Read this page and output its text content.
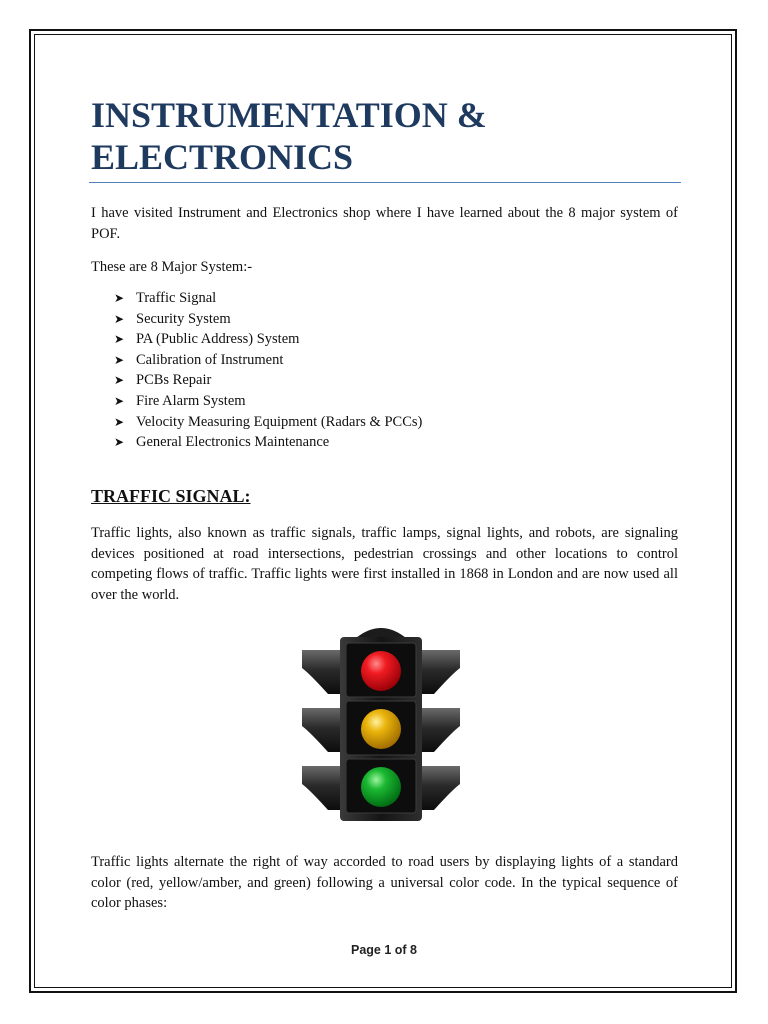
INSTRUMENTATION &
ELECTRONICS

I have visited Instrument and Electronics shop where I have learned about the 8 major system of POF.

These are 8 Major System:-

➤ Traffic Signal
➤ Security System
➤ PA (Public Address) System
➤ Calibration of Instrument
➤ PCBs Repair
➤ Fire Alarm System
➤ Velocity Measuring Equipment (Radars & PCCs)
➤ General Electronics Maintenance
TRAFFIC SIGNAL:

Traffic lights, also known as traffic signals, traffic lamps, signal lights, and robots, are signaling devices positioned at road intersections, pedestrian crossings and other locations to control competing flows of traffic. Traffic lights were first installed in 1868 in London and are now used all over the world.

Traffic lights alternate the right of way accorded to road users by displaying lights of a standard color (red, yellow/amber, and green) following a universal color code. In the typical sequence of color phases:

Page 1 of 8
